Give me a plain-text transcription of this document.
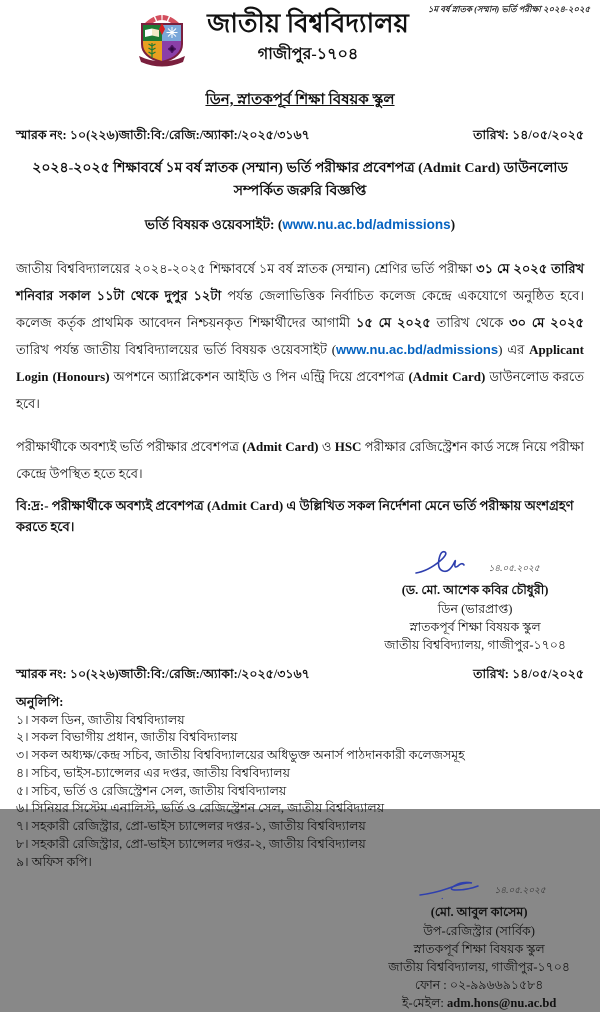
১ম বর্ষ স্নাতক (সম্মান) ভর্তি পরীক্ষা ২০২৪-২০২৫
জাতীয় বিশ্ববিদ্যালয়
গাজীপুর-১৭০৪
ডিন, স্নাতকপূর্ব শিক্ষা বিষয়ক স্কুল
স্মারক নং: ১০(২২৬)জাতী:বি:/রেজি:/অ্যাকা:/২০২৫/৩১৬৭	তারিখ: ১৪/০৫/২০২৫
২০২৪-২০২৫ শিক্ষাবর্ষে ১ম বর্ষ স্নাতক (সম্মান) ভর্তি পরীক্ষার প্রবেশপত্র (Admit Card) ডাউনলোড
সম্পর্কিত জরুরি বিজ্ঞপ্তি
ভর্তি বিষয়ক ওয়েবসাইট: (www.nu.ac.bd/admissions)
জাতীয় বিশ্ববিদ্যালয়ের ২০২৪-২০২৫ শিক্ষাবর্ষে ১ম বর্ষ স্নাতক (সম্মান) শ্রেণির ভর্তি পরীক্ষা ৩১ মে ২০২৫ তারিখ শনিবার সকাল ১১টা থেকে দুপুর ১২টা পর্যন্ত জেলাভিত্তিক নির্বাচিত কলেজ কেন্দ্রে একযোগে অনুষ্ঠিত হবে। কলেজ কর্তৃক প্রাথমিক আবেদন নিশ্চয়নকৃত শিক্ষার্থীদের আগামী ১৫ মে ২০২৫ তারিখ থেকে ৩০ মে ২০২৫ তারিখ পর্যন্ত জাতীয় বিশ্ববিদ্যালয়ের ভর্তি বিষয়ক ওয়েবসাইট (www.nu.ac.bd/admissions) এর Applicant Login (Honours) অপশনে অ্যাপ্লিকেশন আইডি ও পিন এন্ট্রি দিয়ে প্রবেশপত্র (Admit Card) ডাউনলোড করতে হবে।
পরীক্ষার্থীকে অবশ্যই ভর্তি পরীক্ষার প্রবেশপত্র (Admit Card) ও HSC পরীক্ষার রেজিস্ট্রেশন কার্ড সঙ্গে নিয়ে পরীক্ষা কেন্দ্রে উপস্থিত হতে হবে।
বি:দ্র:- পরীক্ষার্থীকে অবশ্যই প্রবেশপত্র (Admit Card) এ উল্লিখিত সকল নির্দেশনা মেনে ভর্তি পরীক্ষায় অংশগ্রহণ করতে হবে।
১৪.০৫.২০২৫
(ড. মো. আশেক কবির চৌধুরী)
ডিন (ভারপ্রাপ্ত)
স্নাতকপূর্ব শিক্ষা বিষয়ক স্কুল
জাতীয় বিশ্ববিদ্যালয়, গাজীপুর-১৭০৪
স্মারক নং: ১০(২২৬)জাতী:বি:/রেজি:/অ্যাকা:/২০২৫/৩১৬৭	তারিখ: ১৪/০৫/২০২৫
অনুলিপি:
১। সকল ডিন, জাতীয় বিশ্ববিদ্যালয়
২। সকল বিভাগীয় প্রধান, জাতীয় বিশ্ববিদ্যালয়
৩। সকল অধ্যক্ষ/কেন্দ্র সচিব, জাতীয় বিশ্ববিদ্যালয়ের অধিভুক্ত অনার্স পাঠদানকারী কলেজসমূহ
৪। সচিব, ভাইস-চ্যান্সেলর এর দপ্তর, জাতীয় বিশ্ববিদ্যালয়
৫। সচিব, ভর্তি ও রেজিস্ট্রেশন সেল, জাতীয় বিশ্ববিদ্যালয়
৬। সিনিয়র সিস্টেম এনালিস্ট, ভর্তি ও রেজিস্ট্রেশন সেল, জাতীয় বিশ্ববিদ্যালয়
৭। সহকারী রেজিস্ট্রার, প্রো-ভাইস চ্যান্সেলর দপ্তর-১, জাতীয় বিশ্ববিদ্যালয়
৮। সহকারী রেজিস্ট্রার, প্রো-ভাইস চ্যান্সেলর দপ্তর-২, জাতীয় বিশ্ববিদ্যালয়
৯। অফিস কপি।
১৪.০৫.২০২৫
(মো. আবুল কাসেম)
উপ-রেজিস্ট্রার (সার্বিক)
স্নাতকপূর্ব শিক্ষা বিষয়ক স্কুল
জাতীয় বিশ্ববিদ্যালয়, গাজীপুর-১৭০৪
ফোন : ০২-৯৯৬৬৯১৫৮৪
ই-মেইল: adm.hons@nu.ac.bd
